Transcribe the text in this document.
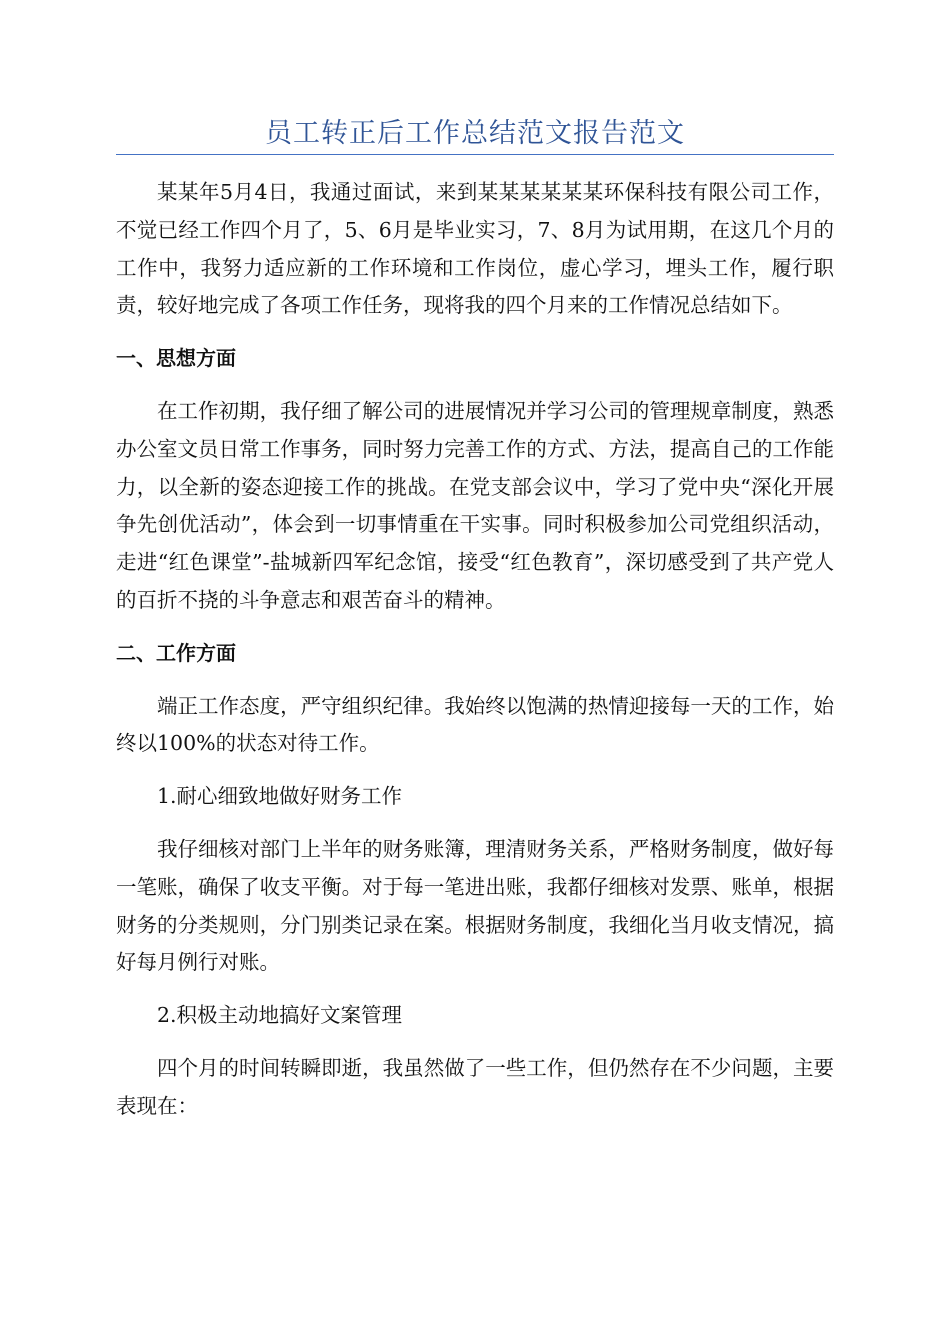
员工转正后工作总结范文报告范文

某某年5月4日，我通过面试，来到某某某某某某环保科技有限公司工作，不觉已经工作四个月了，5、6月是毕业实习，7、8月为试用期，在这几个月的工作中，我努力适应新的工作环境和工作岗位，虚心学习，埋头工作，履行职责，较好地完成了各项工作任务，现将我的四个月来的工作情况总结如下。

一、思想方面

在工作初期，我仔细了解公司的进展情况并学习公司的管理规章制度，熟悉办公室文员日常工作事务，同时努力完善工作的方式、方法，提高自己的工作能力，以全新的姿态迎接工作的挑战。在党支部会议中，学习了党中央“深化开展争先创优活动”，体会到一切事情重在干实事。同时积极参加公司党组织活动，走进“红色课堂”-盐城新四军纪念馆，接受“红色教育”，深切感受到了共产党人的百折不挠的斗争意志和艰苦奋斗的精神。

二、工作方面

端正工作态度，严守组织纪律。我始终以饱满的热情迎接每一天的工作，始终以100%的状态对待工作。

1.耐心细致地做好财务工作

我仔细核对部门上半年的财务账簿，理清财务关系，严格财务制度，做好每一笔账，确保了收支平衡。对于每一笔进出账，我都仔细核对发票、账单，根据财务的分类规则，分门别类记录在案。根据财务制度，我细化当月收支情况，搞好每月例行对账。

2.积极主动地搞好文案管理

四个月的时间转瞬即逝，我虽然做了一些工作，但仍然存在不少问题，主要表现在：
